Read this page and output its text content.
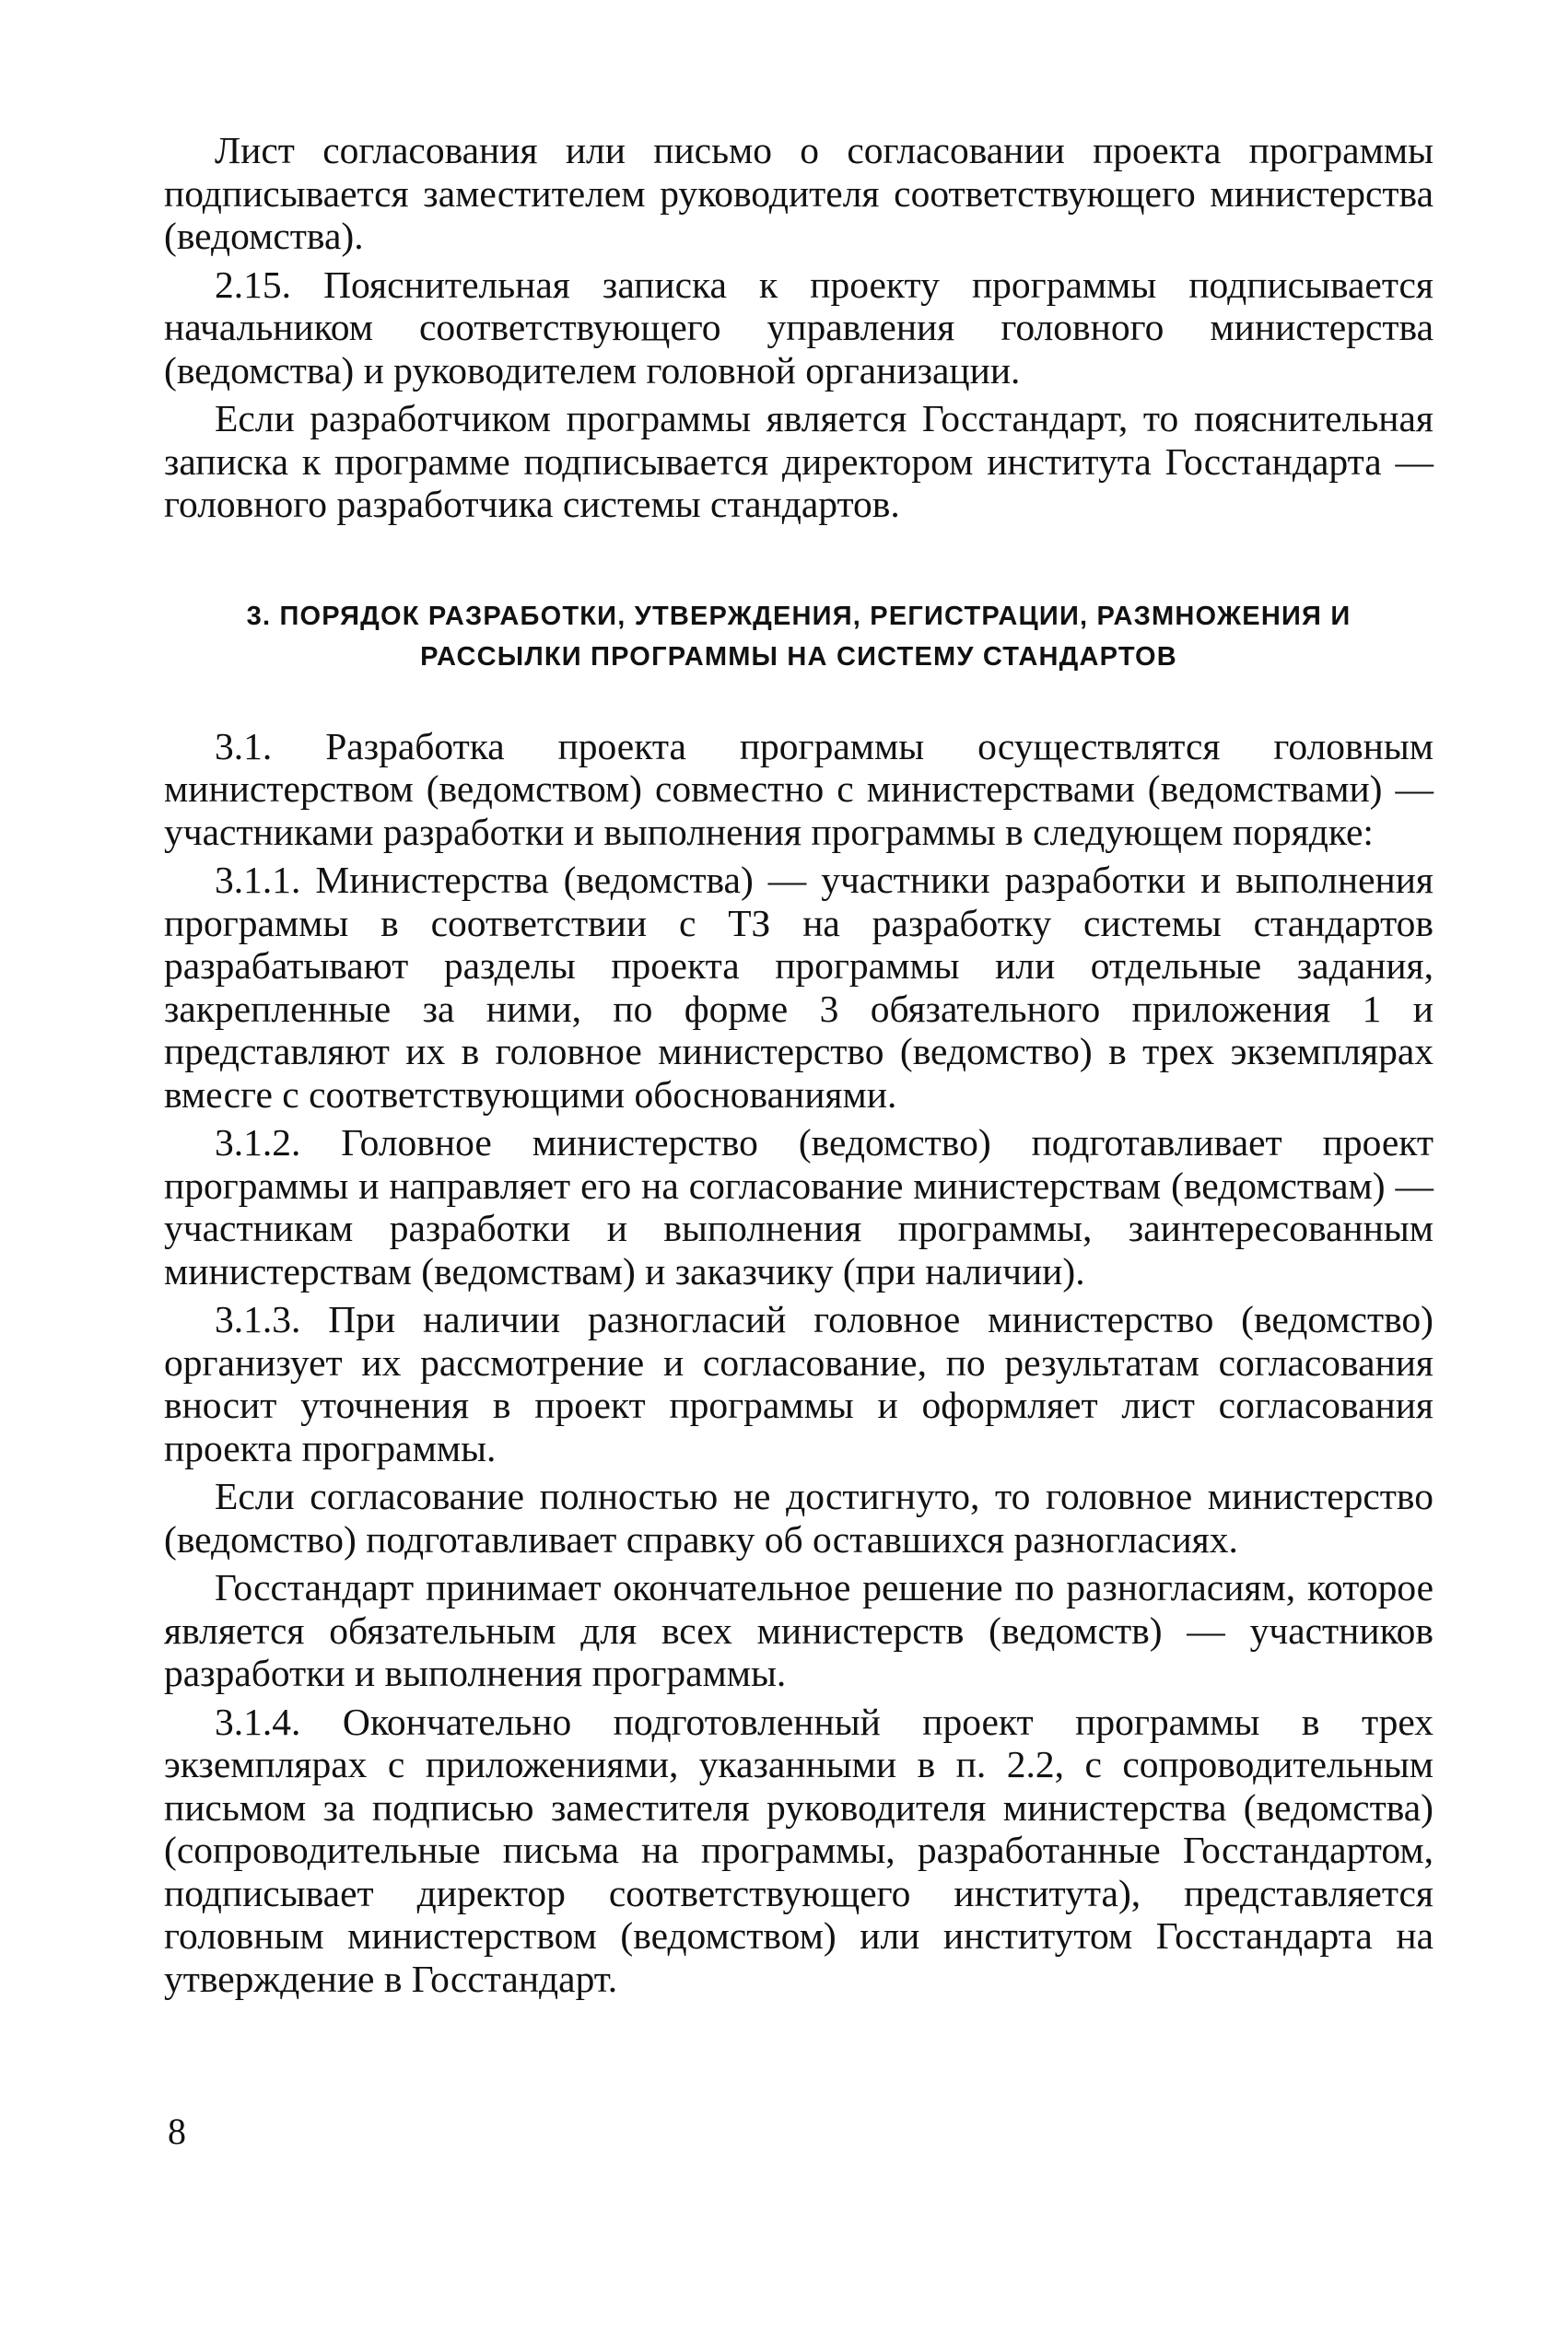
Лист согласования или письмо о согласовании проекта программы подписывается заместителем руководителя соответствующего министерства (ведомства).

2.15. Пояснительная записка к проекту программы подписывается начальником соответствующего управления головного министерства (ведомства) и руководителем головной организации.

Если разработчиком программы является Госстандарт, то пояснительная записка к программе подписывается директором института Госстандарта — головного разработчика системы стандартов.

3. ПОРЯДОК РАЗРАБОТКИ, УТВЕРЖДЕНИЯ, РЕГИСТРАЦИИ, РАЗМНОЖЕНИЯ И РАССЫЛКИ ПРОГРАММЫ НА СИСТЕМУ СТАНДАРТОВ

3.1. Разработка проекта программы осуществлятся головным министерством (ведомством) совместно с министерствами (ведомствами) — участниками разработки и выполнения программы в следующем порядке:

3.1.1. Министерства (ведомства) — участники разработки и выполнения программы в соответствии с ТЗ на разработку системы стандартов разрабатывают разделы проекта программы или отдельные задания, закрепленные за ними, по форме 3 обязательного приложения 1 и представляют их в головное министерство (ведомство) в трех экземплярах вмесге с соответствующими обоснованиями.

3.1.2. Головное министерство (ведомство) подготавливает проект программы и направляет его на согласование министерствам (ведомствам) — участникам разработки и выполнения программы, заинтересованным министерствам (ведомствам) и заказчику (при наличии).

3.1.3. При наличии разногласий головное министерство (ведомство) организует их рассмотрение и согласование, по результатам согласования вносит уточнения в проект программы и оформляет лист согласования проекта программы.

Если согласование полностью не достигнуто, то головное министерство (ведомство) подготавливает справку об оставшихся разногласиях.

Госстандарт принимает окончательное решение по разногласиям, которое является обязательным для всех министерств (ведомств) — участников разработки и выполнения программы.

3.1.4. Окончательно подготовленный проект программы в трех экземплярах с приложениями, указанными в п. 2.2, с сопроводительным письмом за подписью заместителя руководителя министерства (ведомства) (сопроводительные письма на программы, разработанные Госстандартом, подписывает директор соответствующего института), представляется головным министерством (ведомством) или институтом Госстандарта на утверждение в Госстандарт.

8
